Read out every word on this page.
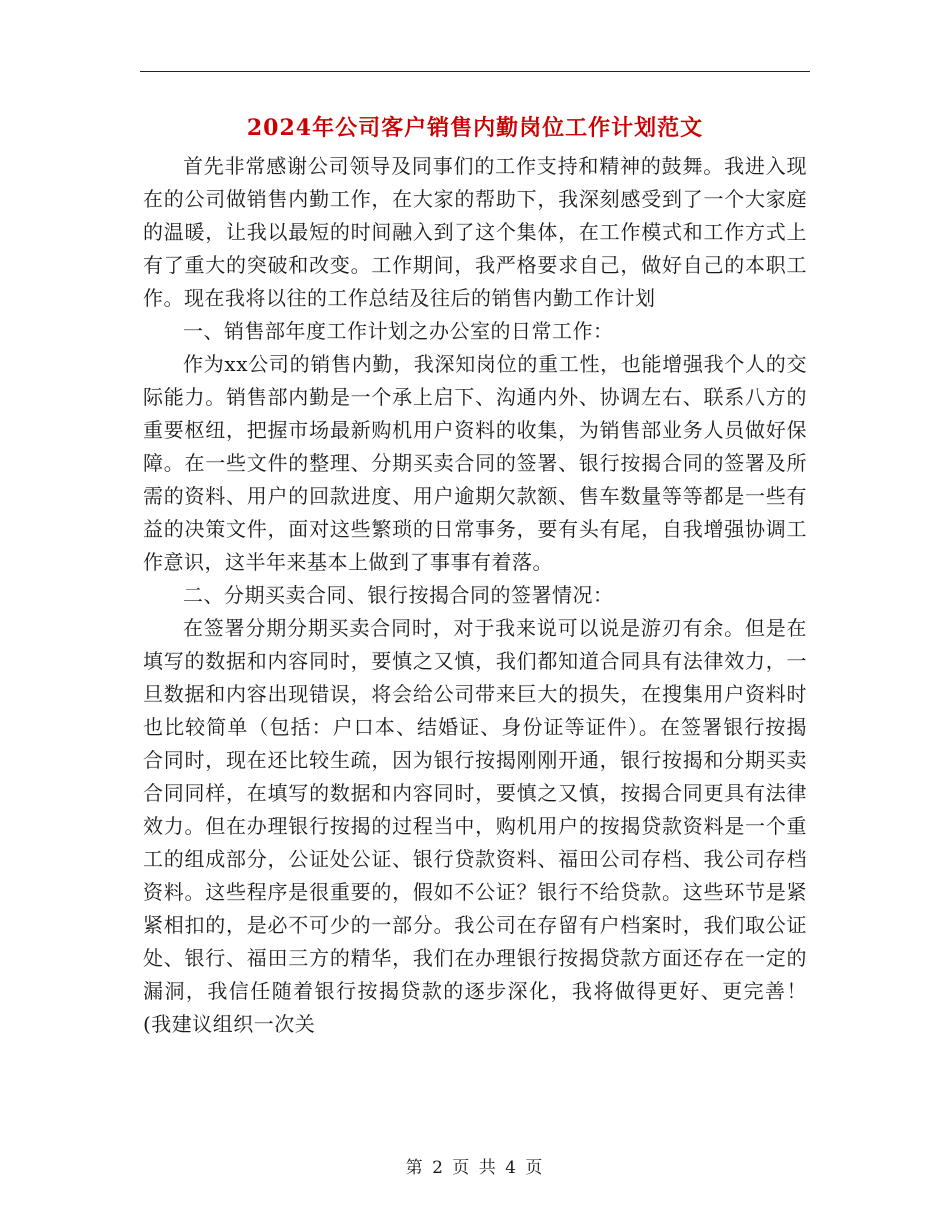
2024年公司客户销售内勤岗位工作计划范文

首先非常感谢公司领导及同事们的工作支持和精神的鼓舞。我进入现在的公司做销售内勤工作，在大家的帮助下，我深刻感受到了一个大家庭的温暖，让我以最短的时间融入到了这个集体，在工作模式和工作方式上有了重大的突破和改变。工作期间，我严格要求自己，做好自己的本职工作。现在我将以往的工作总结及往后的销售内勤工作计划

一、销售部年度工作计划之办公室的日常工作：

作为xx公司的销售内勤，我深知岗位的重工性，也能增强我个人的交际能力。销售部内勤是一个承上启下、沟通内外、协调左右、联系八方的重要枢纽，把握市场最新购机用户资料的收集，为销售部业务人员做好保障。在一些文件的整理、分期买卖合同的签署、银行按揭合同的签署及所需的资料、用户的回款进度、用户逾期欠款额、售车数量等等都是一些有益的决策文件，面对这些繁琐的日常事务，要有头有尾，自我增强协调工作意识，这半年来基本上做到了事事有着落。

二、分期买卖合同、银行按揭合同的签署情况：

在签署分期分期买卖合同时，对于我来说可以说是游刃有余。但是在填写的数据和内容同时，要慎之又慎，我们都知道合同具有法律效力，一旦数据和内容出现错误，将会给公司带来巨大的损失，在搜集用户资料时也比较简单（包括：户口本、结婚证、身份证等证件）。在签署银行按揭合同时，现在还比较生疏，因为银行按揭刚刚开通，银行按揭和分期买卖合同同样，在填写的数据和内容同时，要慎之又慎，按揭合同更具有法律效力。但在办理银行按揭的过程当中，购机用户的按揭贷款资料是一个重工的组成部分，公证处公证、银行贷款资料、福田公司存档、我公司存档资料。这些程序是很重要的，假如不公证？银行不给贷款。这些环节是紧紧相扣的，是必不可少的一部分。我公司在存留有户档案时，我们取公证处、银行、福田三方的精华，我们在办理银行按揭贷款方面还存在一定的漏洞，我信任随着银行按揭贷款的逐步深化，我将做得更好、更完善！(我建议组织一次关

第 2 页 共 4 页
